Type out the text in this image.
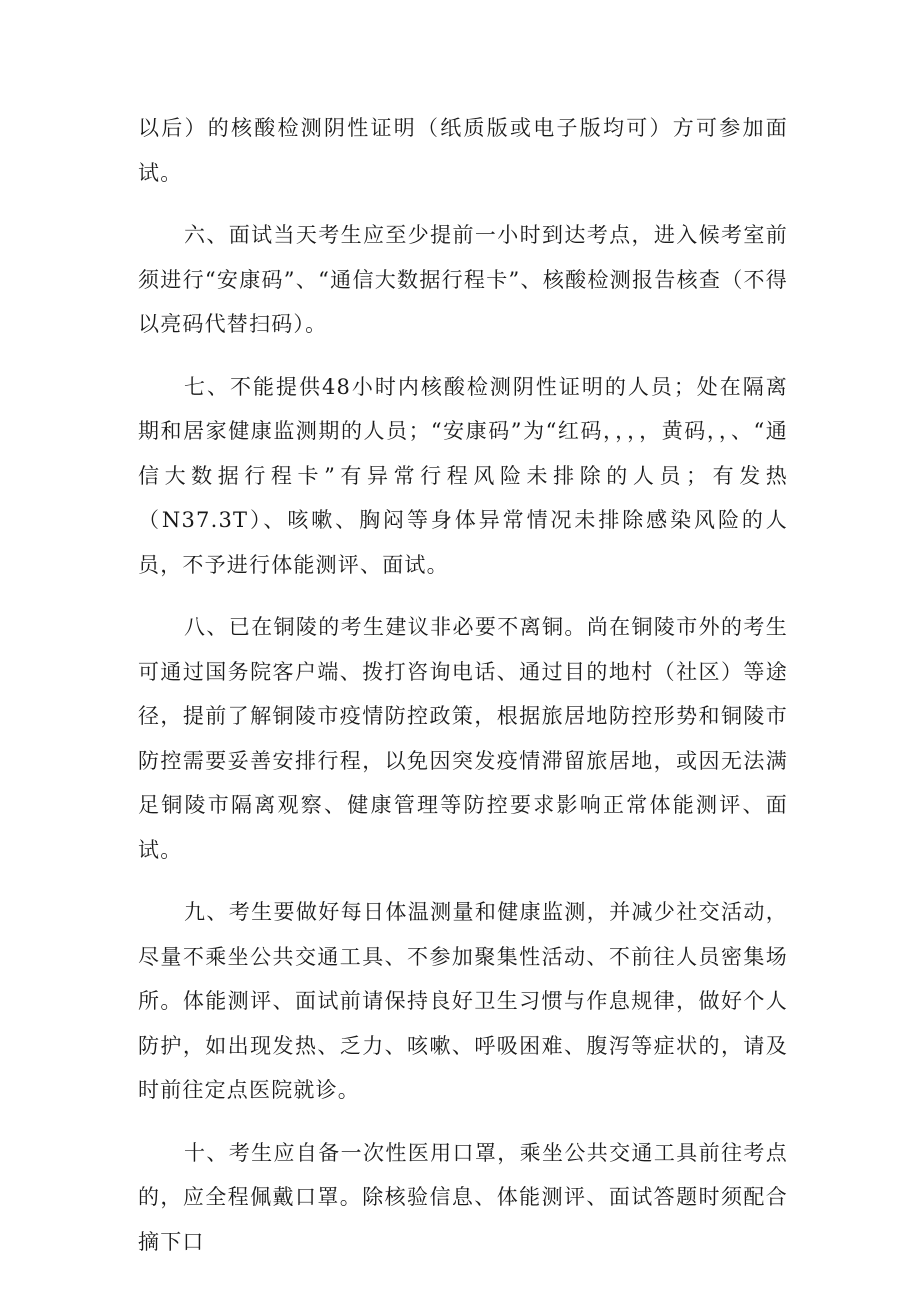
以后）的核酸检测阴性证明（纸质版或电子版均可）方可参加面试。

六、面试当天考生应至少提前一小时到达考点，进入候考室前须进行“安康码”、“通信大数据行程卡”、核酸检测报告核查（不得以亮码代替扫码）。

七、不能提供48小时内核酸检测阴性证明的人员；处在隔离期和居家健康监测期的人员；“安康码”为“红码，，，，黄码，，、“通信大数据行程卡”有异常行程风险未排除的人员；有发热（N37.3T）、咳嗽、胸闷等身体异常情况未排除感染风险的人员，不予进行体能测评、面试。

八、已在铜陵的考生建议非必要不离铜。尚在铜陵市外的考生可通过国务院客户端、拨打咨询电话、通过目的地村（社区）等途径，提前了解铜陵市疫情防控政策，根据旅居地防控形势和铜陵市防控需要妥善安排行程，以免因突发疫情滞留旅居地，或因无法满足铜陵市隔离观察、健康管理等防控要求影响正常体能测评、面试。

九、考生要做好每日体温测量和健康监测，并减少社交活动，尽量不乘坐公共交通工具、不参加聚集性活动、不前往人员密集场所。体能测评、面试前请保持良好卫生习惯与作息规律，做好个人防护，如出现发热、乏力、咳嗽、呼吸困难、腹泻等症状的，请及时前往定点医院就诊。

十、考生应自备一次性医用口罩，乘坐公共交通工具前往考点的，应全程佩戴口罩。除核验信息、体能测评、面试答题时须配合摘下口
